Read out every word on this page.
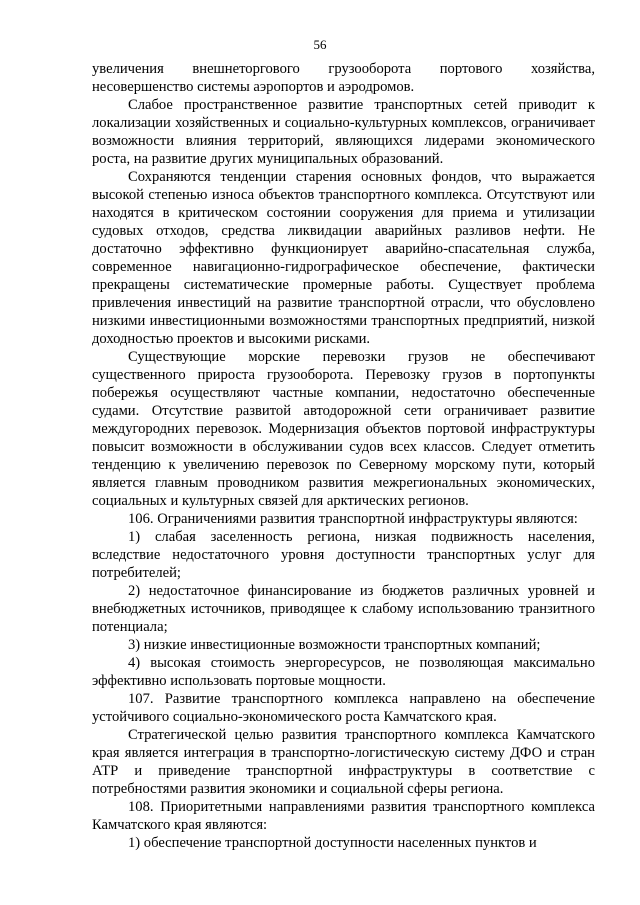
56

увеличения внешнеторгового грузооборота портового хозяйства, несовершенство системы аэропортов и аэродромов.

Слабое пространственное развитие транспортных сетей приводит к локализации хозяйственных и социально-культурных комплексов, ограничивает возможности влияния территорий, являющихся лидерами экономического роста, на развитие других муниципальных образований.

Сохраняются тенденции старения основных фондов, что выражается высокой степенью износа объектов транспортного комплекса. Отсутствуют или находятся в критическом состоянии сооружения для приема и утилизации судовых отходов, средства ликвидации аварийных разливов нефти. Не достаточно эффективно функционирует аварийно-спасательная служба, современное навигационно-гидрографическое обеспечение, фактически прекращены систематические промерные работы. Существует проблема привлечения инвестиций на развитие транспортной отрасли, что обусловлено низкими инвестиционными возможностями транспортных предприятий, низкой доходностью проектов и высокими рисками.

Существующие морские перевозки грузов не обеспечивают существенного прироста грузооборота. Перевозку грузов в портопункты побережья осуществляют частные компании, недостаточно обеспеченные судами. Отсутствие развитой автодорожной сети ограничивает развитие междугородних перевозок. Модернизация объектов портовой инфраструктуры повысит возможности в обслуживании судов всех классов. Следует отметить тенденцию к увеличению перевозок по Северному морскому пути, который является главным проводником развития межрегиональных экономических, социальных и культурных связей для арктических регионов.

106. Ограничениями развития транспортной инфраструктуры являются:

1) слабая заселенность региона, низкая подвижность населения, вследствие недостаточного уровня доступности транспортных услуг для потребителей;

2) недостаточное финансирование из бюджетов различных уровней и внебюджетных источников, приводящее к слабому использованию транзитного потенциала;

3) низкие инвестиционные возможности транспортных компаний;

4) высокая стоимость энергоресурсов, не позволяющая максимально эффективно использовать портовые мощности.

107. Развитие транспортного комплекса направлено на обеспечение устойчивого социально-экономического роста Камчатского края.

Стратегической целью развития транспортного комплекса Камчатского края является интеграция в транспортно-логистическую систему ДФО и стран АТР и приведение транспортной инфраструктуры в соответствие с потребностями развития экономики и социальной сферы региона.

108. Приоритетными направлениями развития транспортного комплекса Камчатского края являются:

1) обеспечение транспортной доступности населенных пунктов и
